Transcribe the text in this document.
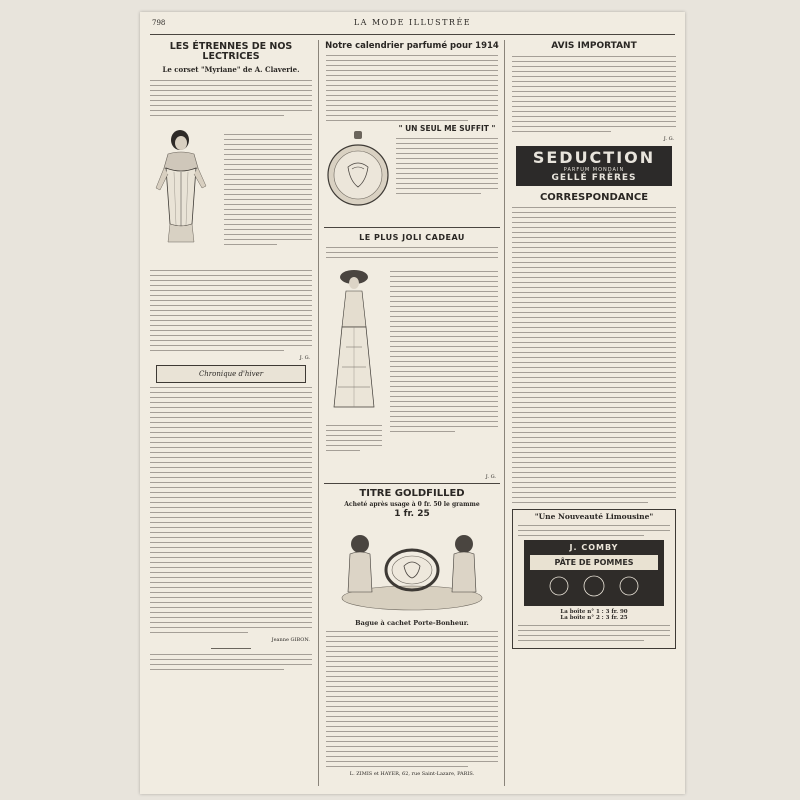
798	LA MODE ILLUSTRÉE
LES ÉTRENNES DE NOS LECTRICES
Le corset "Myriane" de A. Claverie.
J. G.
Chronique d'hiver
Jeanne GIBON.
Notre calendrier parfumé pour 1914
" UN SEUL ME SUFFIT "
LE PLUS JOLI CADEAU
J. G.
TITRE GOLDFILLED
Acheté après usage à 0 fr. 50 le gramme
1 fr. 25
Bague à cachet Porte-Bonheur.
L. ZIMIS et HAYER, 62, rue Saint-Lazare, PARIS.
AVIS IMPORTANT
J. G.
SEDUCTION
PARFUM MONDAIN
GELLÉ FRÈRES
CORRESPONDANCE
"Une Nouveauté Limousine"
J. COMBY
PÂTE DE POMMES
La boîte n° 1 : 3 fr. 90
La boîte n° 2 : 3 fr. 25
